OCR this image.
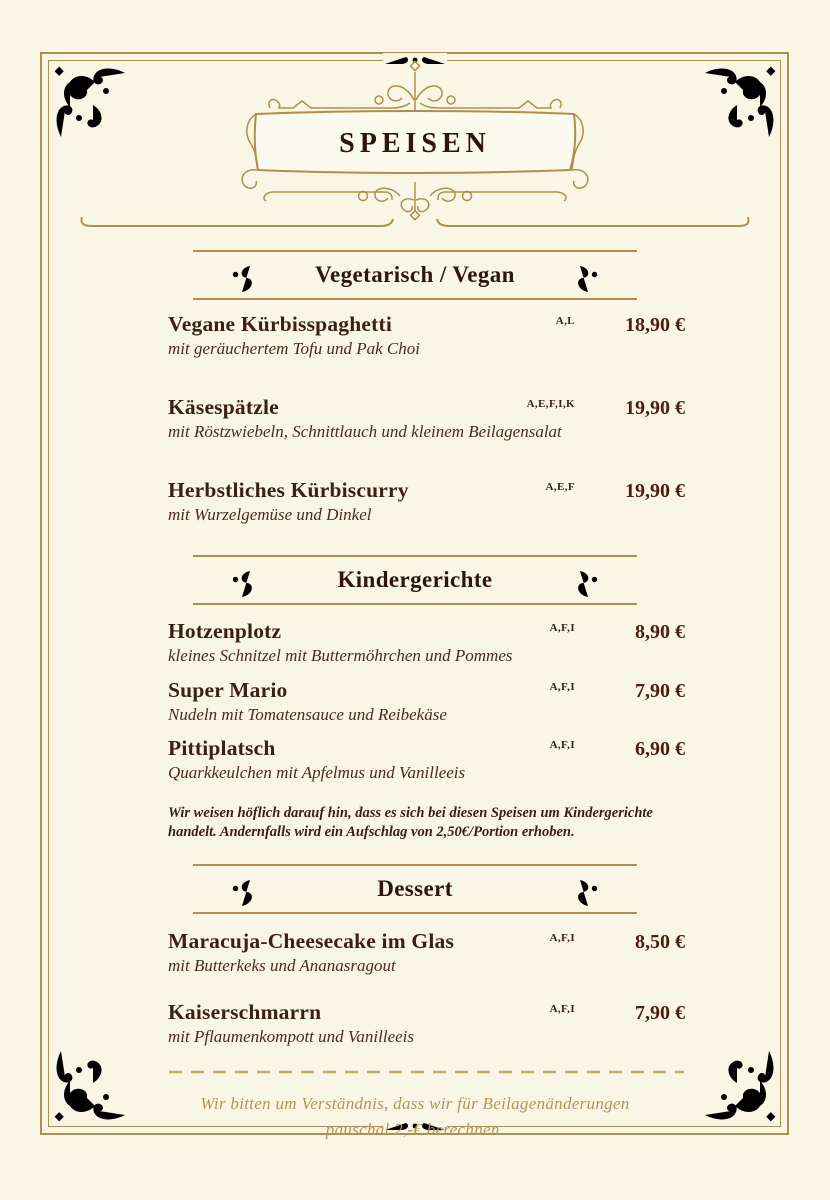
SPEISEN
Vegetarisch / Vegan
Vegane Kürbisspaghetti	A,L	18,90 €
mit geräuchertem Tofu und Pak Choi
Käsespätzle	A,E,F,I,K	19,90 €
mit Röstzwiebeln, Schnittlauch und kleinem Beilagensalat
Herbstliches Kürbiscurry	A,E,F	19,90 €
mit Wurzelgemüse und Dinkel
Kindergerichte
Hotzenplotz	A,F,I	8,90 €
kleines Schnitzel mit Buttermöhrchen und Pommes
Super Mario	A,F,I	7,90 €
Nudeln mit Tomatensauce und Reibekäse
Pittiplatsch	A,F,I	6,90 €
Quarkkeulchen mit Apfelmus und Vanilleeis
Wir weisen höflich darauf hin, dass es sich bei diesen Speisen um Kindergerichte handelt. Andernfalls wird ein Aufschlag von 2,50€/Portion erhoben.
Dessert
Maracuja-Cheesecake im Glas	A,F,I	8,50 €
mit Butterkeks und Ananasragout
Kaiserschmarrn	A,F,I	7,90 €
mit Pflaumenkompott und Vanilleeis
Wir bitten um Verständnis, dass wir für Beilagenänderungen
pauschal 2,-€ berechnen.
